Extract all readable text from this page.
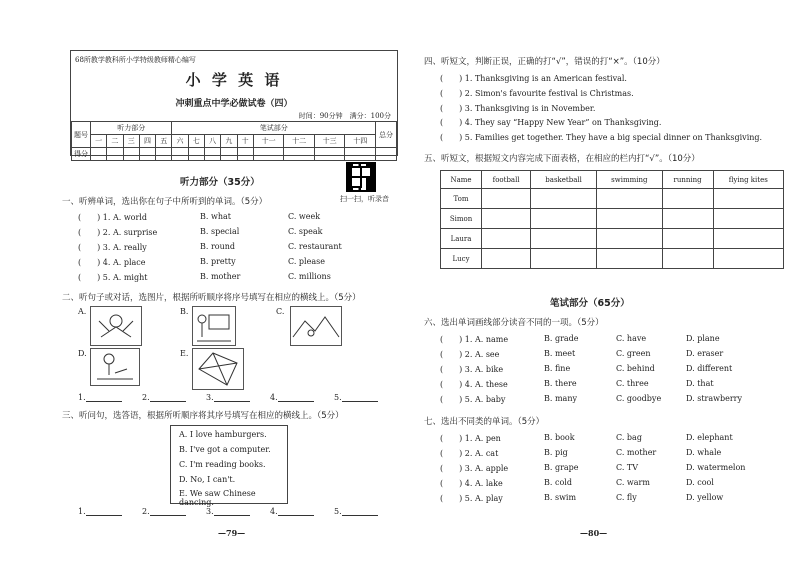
68所教学教科所小学特级教师精心编写
小 学 英 语
冲刺重点中学必做试卷（四）
时间：90分钟　满分：100分
题号	听力部分					笔试部分									总分
	一	二	三	四	五	六	七	八	九	十	十一	十二	十三	十四	
得分															
扫一扫，听录音
听力部分（35分）
一、听辨单词，选出你在句子中所听到的单词。（5分）
(　　) 1. A. world	B. what	C. week
(　　) 2. A. surprise	B. special	C. speak
(　　) 3. A. really	B. round	C. restaurant
(　　) 4. A. place	B. pretty	C. please
(　　) 5. A. might	B. mother	C. millions
二、听句子或对话，选图片，根据所听顺序将序号填写在相应的横线上。（5分）
A.	B.	C.
D.	E.
1.	2.	3.	4.	5.
三、听问句，选答语，根据所听顺序将其序号填写在相应的横线上。（5分）
A. I love hamburgers.
B. I've got a computer.
C. I'm reading books.
D. No, I can't.
E. We saw Chinese dancing.
1.	2.	3.	4.	5.
—79—
四、听短文，判断正误，正确的打“√”，错误的打“×”。（10分）
(　　) 1. Thanksgiving is an American festival.
(　　) 2. Simon's favourite festival is Christmas.
(　　) 3. Thanksgiving is in November.
(　　) 4. They say “Happy New Year” on Thanksgiving.
(　　) 5. Families get together. They have a big special dinner on Thanksgiving.
五、听短文，根据短文内容完成下面表格，在相应的栏内打“√”。（10分）
Name	football	basketball	swimming	running	flying kites
Tom					
Simon					
Laura					
Lucy					
笔试部分（65分）
六、选出单词画线部分读音不同的一项。（5分）
(　　) 1. A. name	B. grade	C. have	D. plane
(　　) 2. A. see	B. meet	C. green	D. eraser
(　　) 3. A. bike	B. fine	C. behind	D. different
(　　) 4. A. these	B. there	C. three	D. that
(　　) 5. A. baby	B. many	C. goodbye	D. strawberry
七、选出不同类的单词。（5分）
(　　) 1. A. pen	B. book	C. bag	D. elephant
(　　) 2. A. cat	B. pig	C. mother	D. whale
(　　) 3. A. apple	B. grape	C. TV	D. watermelon
(　　) 4. A. lake	B. cold	C. warm	D. cool
(　　) 5. A. play	B. swim	C. fly	D. yellow
—80—
